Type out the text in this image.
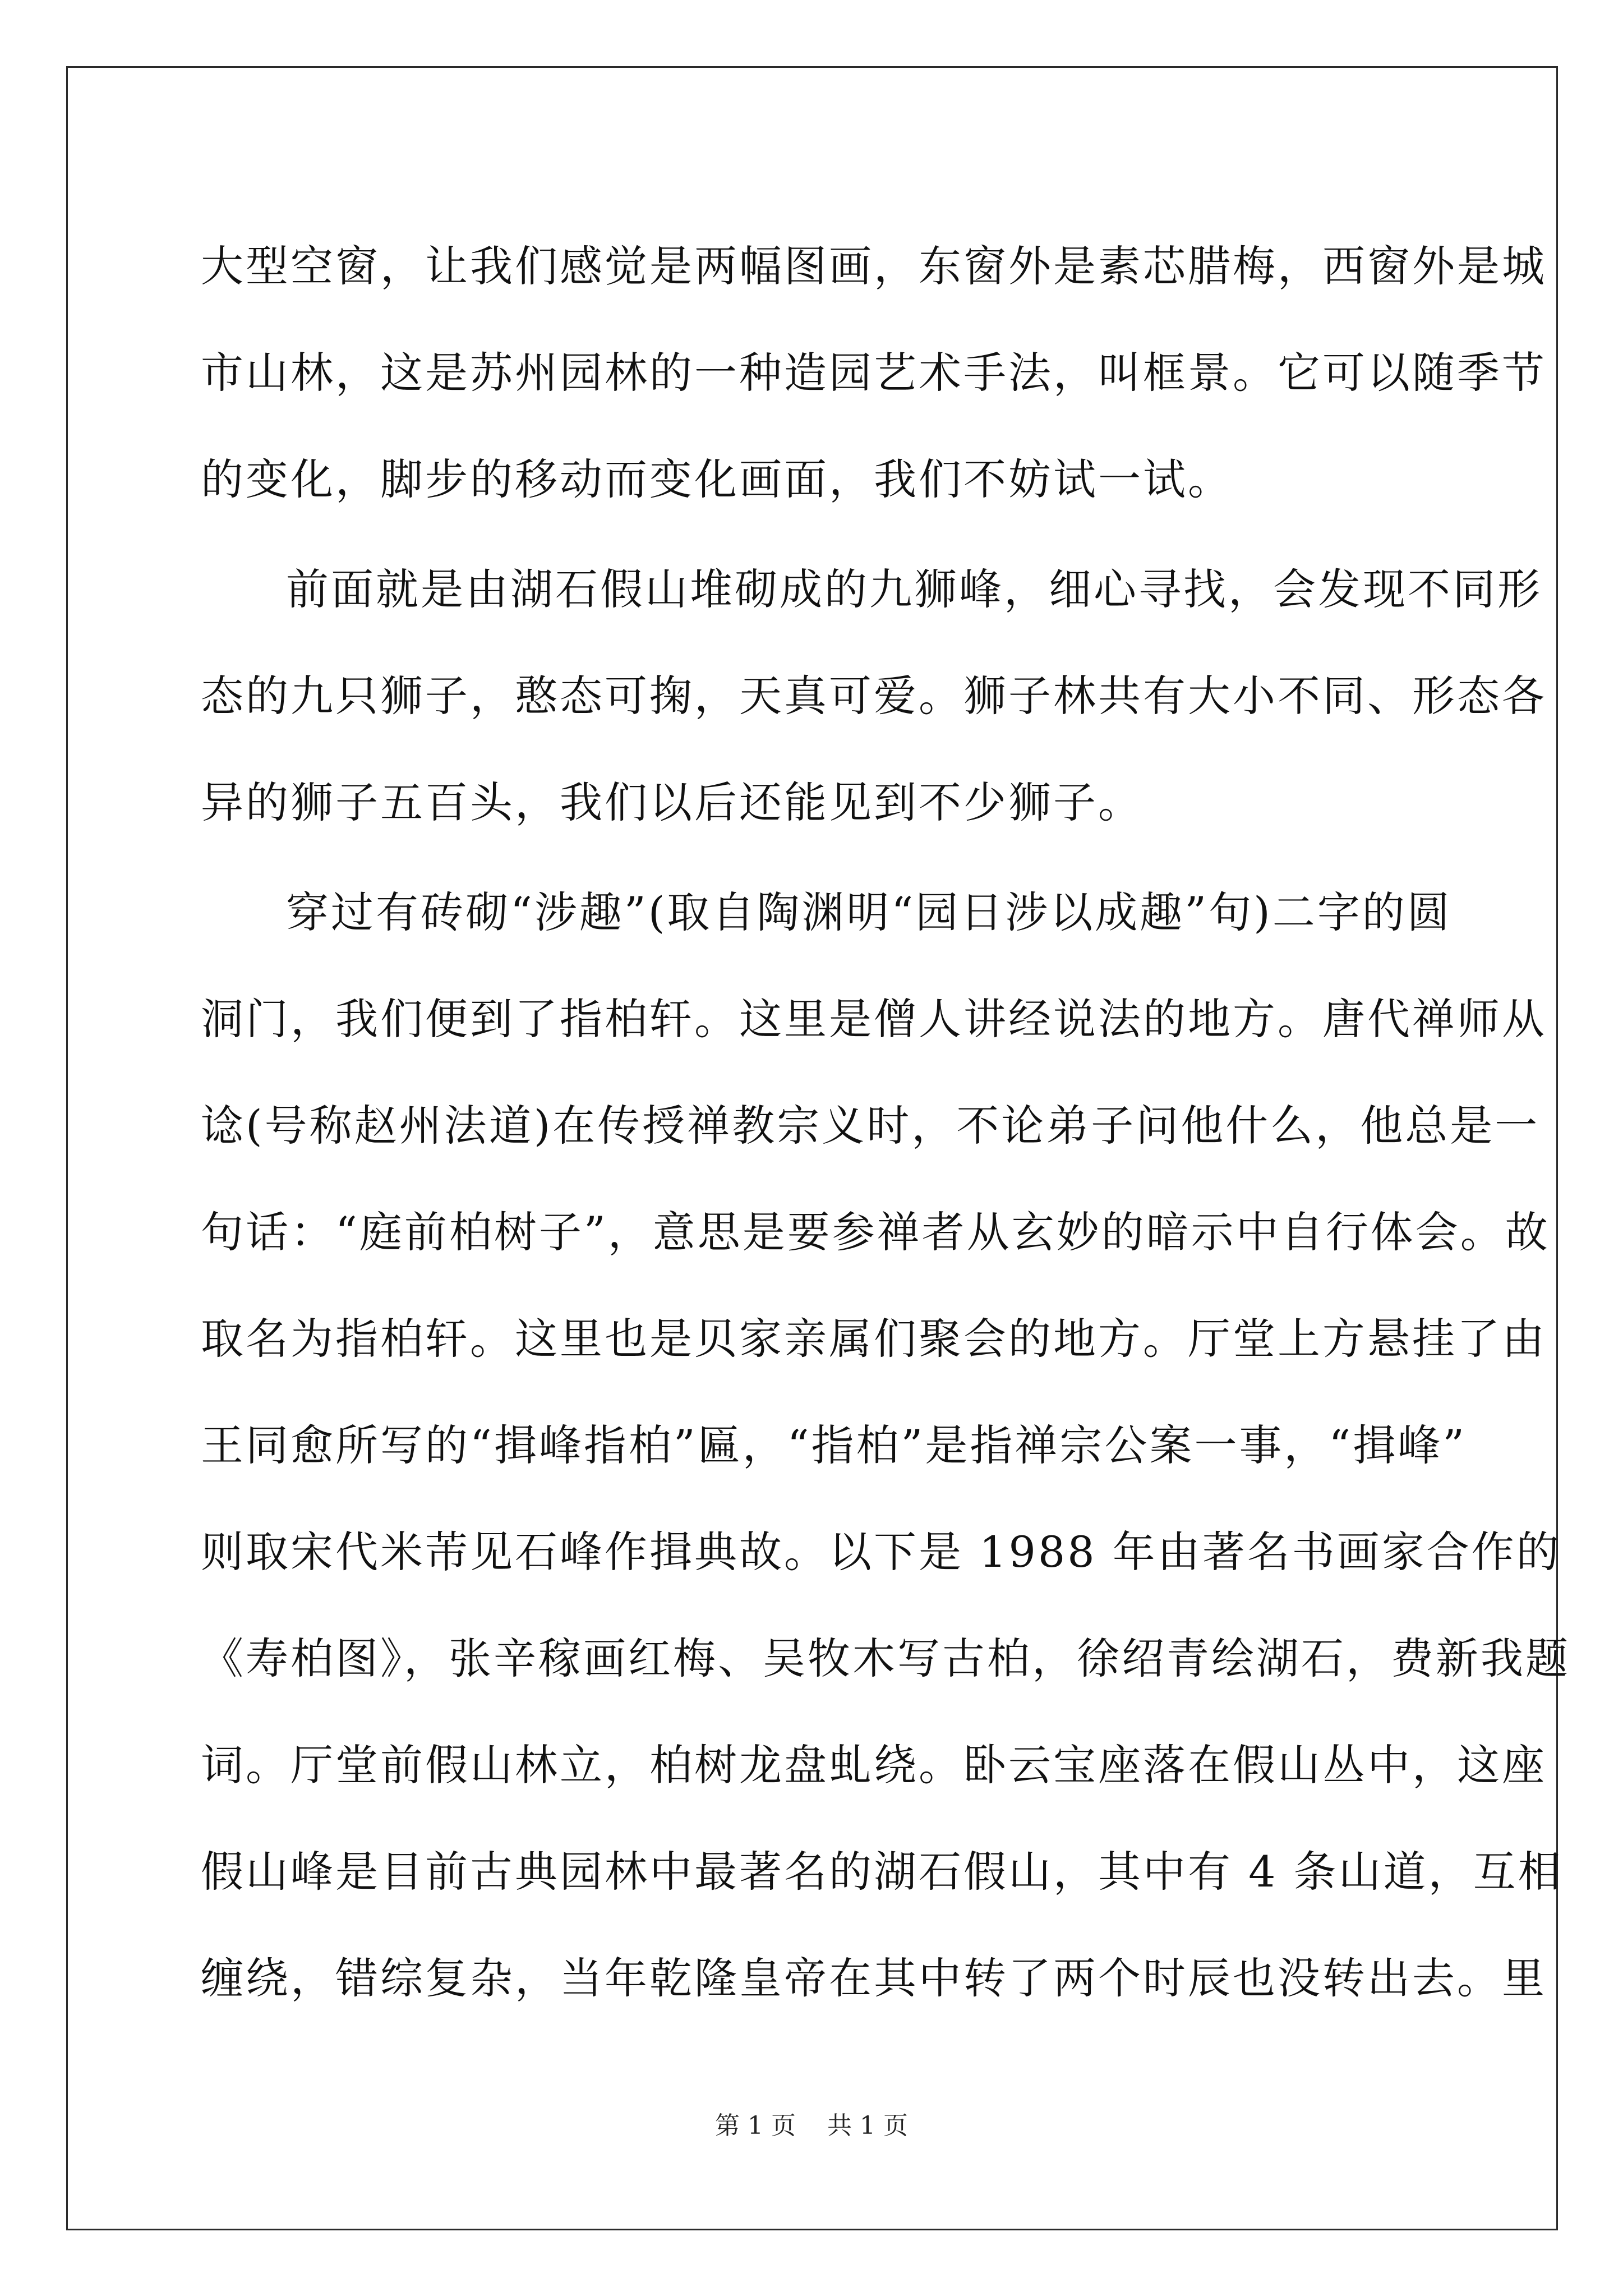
大型空窗，让我们感觉是两幅图画，东窗外是素芯腊梅，西窗外是城
市山林，这是苏州园林的一种造园艺术手法，叫框景。它可以随季节
的变化，脚步的移动而变化画面，我们不妨试一试。
前面就是由湖石假山堆砌成的九狮峰，细心寻找，会发现不同形
态的九只狮子，憨态可掬，天真可爱。狮子林共有大小不同、形态各
异的狮子五百头，我们以后还能见到不少狮子。
穿过有砖砌“涉趣”(取自陶渊明“园日涉以成趣”句)二字的圆
洞门，我们便到了指柏轩。这里是僧人讲经说法的地方。唐代禅师从
谂(号称赵州法道)在传授禅教宗义时，不论弟子问他什么，他总是一
句话：“庭前柏树子”，意思是要参禅者从玄妙的暗示中自行体会。故
取名为指柏轩。这里也是贝家亲属们聚会的地方。厅堂上方悬挂了由
王同愈所写的“揖峰指柏”匾，“指柏”是指禅宗公案一事，“揖峰”
则取宋代米芾见石峰作揖典故。以下是 1988 年由著名书画家合作的
《寿柏图》，张辛稼画红梅、吴牧木写古柏，徐绍青绘湖石，费新我题
词。厅堂前假山林立，柏树龙盘虬绕。卧云宝座落在假山丛中，这座
假山峰是目前古典园林中最著名的湖石假山，其中有 4 条山道，互相
缠绕，错综复杂，当年乾隆皇帝在其中转了两个时辰也没转出去。里
第 1 页 共 1 页
